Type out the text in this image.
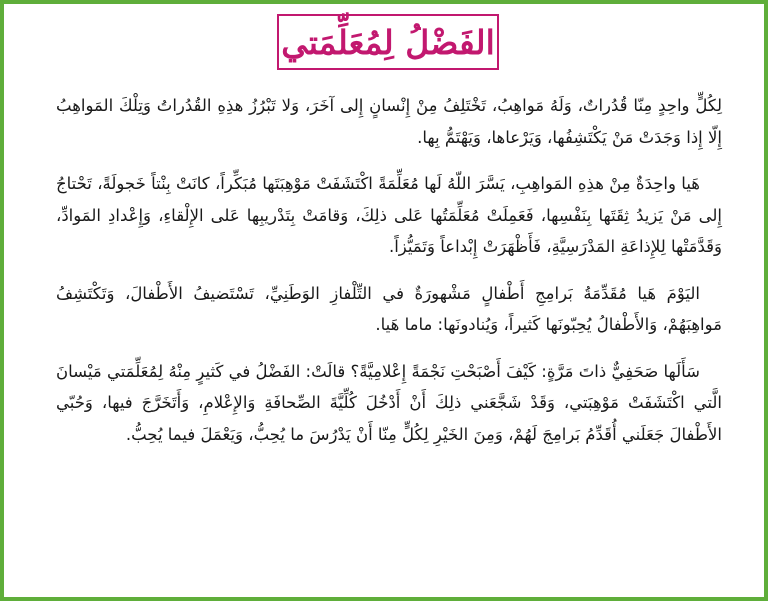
الفَضْلُ لِمُعَلِّمَتي

لِكُلٍّ واحِدٍ مِنّا قُدُراتٌ، وَلَهُ مَواهِبُ، تَخْتَلِفُ مِنْ إِنْسانٍ إِلى آخَرَ، وَلا تَبْرُزُ هذِهِ القُدُراتُ وَتِلْكَ المَواهِبُ إِلّا إِذا وَجَدَتْ مَنْ يَكْتَشِفُها، وَيَرْعاها، وَيَهْتَمُّ بِها.

هَيا واحِدَةٌ مِنْ هذِهِ المَواهِبِ، يَسَّرَ اللّهُ لَها مُعَلِّمَةً اكْتَشَفَتْ مَوْهِبَتَها مُبَكِّراً، كانَتْ بِنْتاً خَجولَةً، تَحْتاجُ إِلى مَنْ يَزيدُ ثِقَتَها بِنَفْسِها، فَعَمِلَتْ مُعَلِّمَتُها عَلى ذلِكَ، وَقامَتْ بِتَدْريبِها عَلى الإِلْقاءِ، وَإِعْدادِ المَوادِّ، وَقَدَّمَتْها لِلإِذاعَةِ المَدْرَسِيَّةِ، فَأَظْهَرَتْ إِبْداعاً وَتَمَيُّزاً.

اليَوْمَ هَيا مُقَدِّمَةُ بَرامِجِ أَطْفالٍ مَشْهورَةٌ في التِّلْفازِ الوَطَنِيِّ، تَسْتَضيفُ الأَطْفالَ، وَتَكْتَشِفُ مَواهِبَهُمْ، وَالأَطْفالُ يُحِبّونَها كَثيراً، وَيُنادونَها: ماما هَيا.

سَأَلَها صَحَفِيٌّ ذاتَ مَرَّةٍ: كَيْفَ أَصْبَحْتِ نَجْمَةً إِعْلامِيَّةً؟ قالَتْ: الفَضْلُ في كَثيرٍ مِنْهُ لِمُعَلِّمَتي مَيْسانَ الَّتي اكْتَشَفَتْ مَوْهِبَتي، وَقَدْ شَجَّعَني ذلِكَ أَنْ أَدْخُلَ كُلِّيَّةَ الصِّحافَةِ وَالإِعْلامِ، وَأَتَخَرَّجَ فيها، وَحُبّي الأَطْفالَ جَعَلَني أُقَدِّمُ بَرامِجَ لَهُمْ، وَمِنَ الخَيْرِ لِكُلٍّ مِنّا أَنْ يَدْرُسَ ما يُحِبُّ، وَيَعْمَلَ فيما يُحِبُّ.
